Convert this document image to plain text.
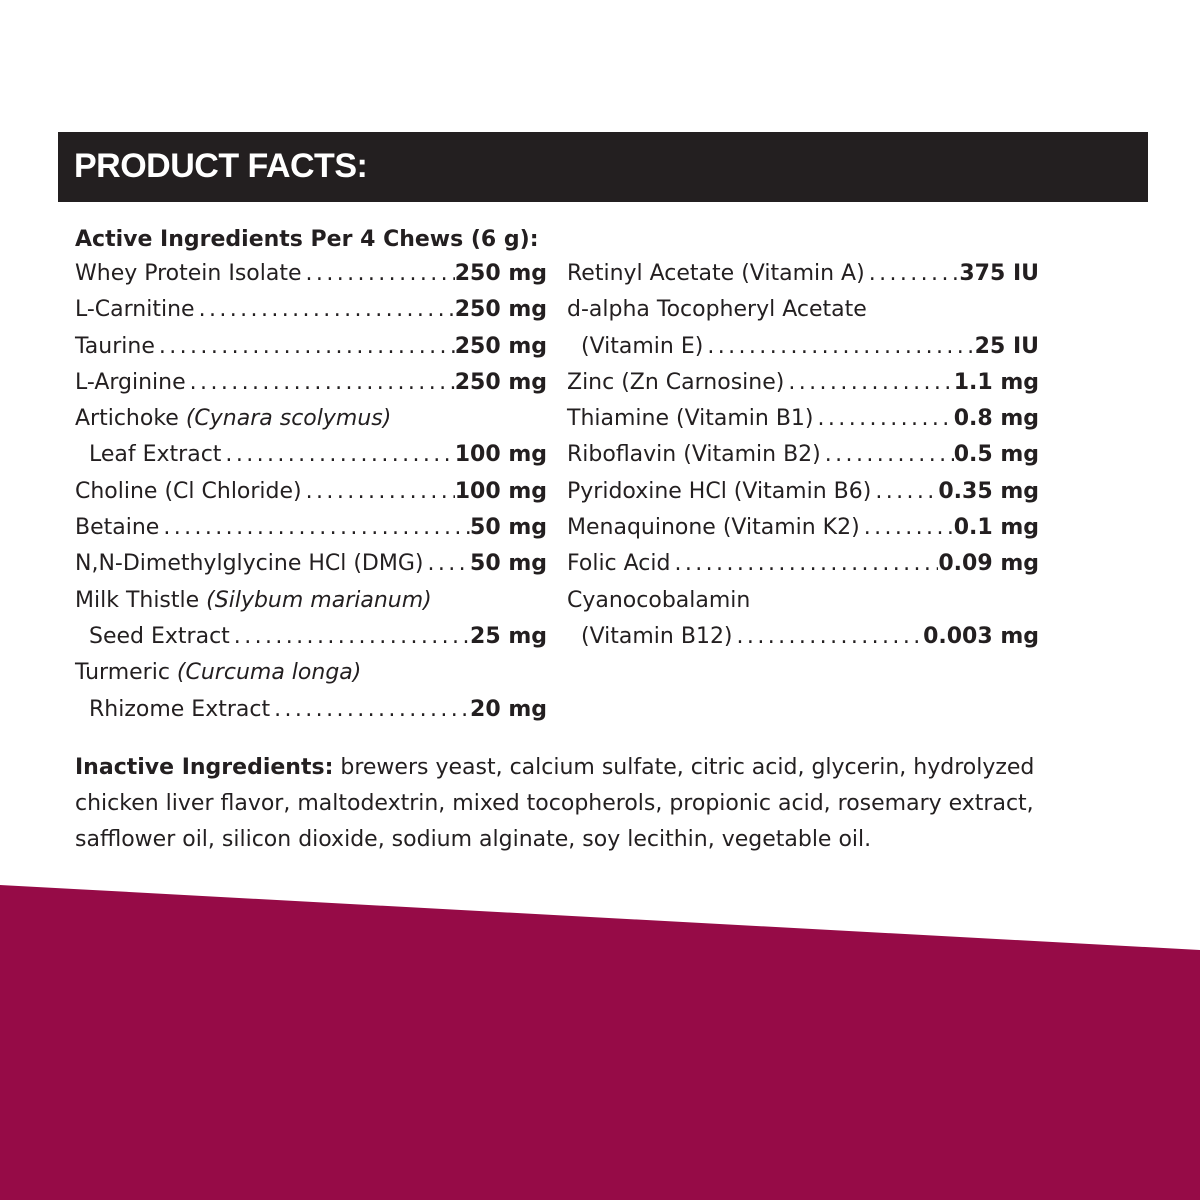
PRODUCT FACTS:
Active Ingredients Per 4 Chews (6 g):
Whey Protein Isolate .....	250 mg
L-Carnitine .....	250 mg
Taurine .....	250 mg
L-Arginine .....	250 mg
Artichoke (Cynara scolymus)
Leaf Extract .....	100 mg
Choline (Cl Chloride) .....	100 mg
Betaine .....	50 mg
N,N-Dimethylglycine HCl (DMG) ..... 50 mg
Milk Thistle (Silybum marianum)
Seed Extract .....	25 mg
Turmeric (Curcuma longa)
Rhizome Extract .....	20 mg
Retinyl Acetate (Vitamin A) .....	375 IU
d-alpha Tocopheryl Acetate
(Vitamin E) .....	25 IU
Zinc (Zn Carnosine) .....	1.1 mg
Thiamine (Vitamin B1) .....	0.8 mg
Riboflavin (Vitamin B2) .....	0.5 mg
Pyridoxine HCl (Vitamin B6) .....	0.35 mg
Menaquinone (Vitamin K2) .....	0.1 mg
Folic Acid .....	0.09 mg
Cyanocobalamin
(Vitamin B12) .....	0.003 mg

Inactive Ingredients: brewers yeast, calcium sulfate, citric acid, glycerin, hydrolyzed chicken liver flavor, maltodextrin, mixed tocopherols, propionic acid, rosemary extract, safflower oil, silicon dioxide, sodium alginate, soy lecithin, vegetable oil.
